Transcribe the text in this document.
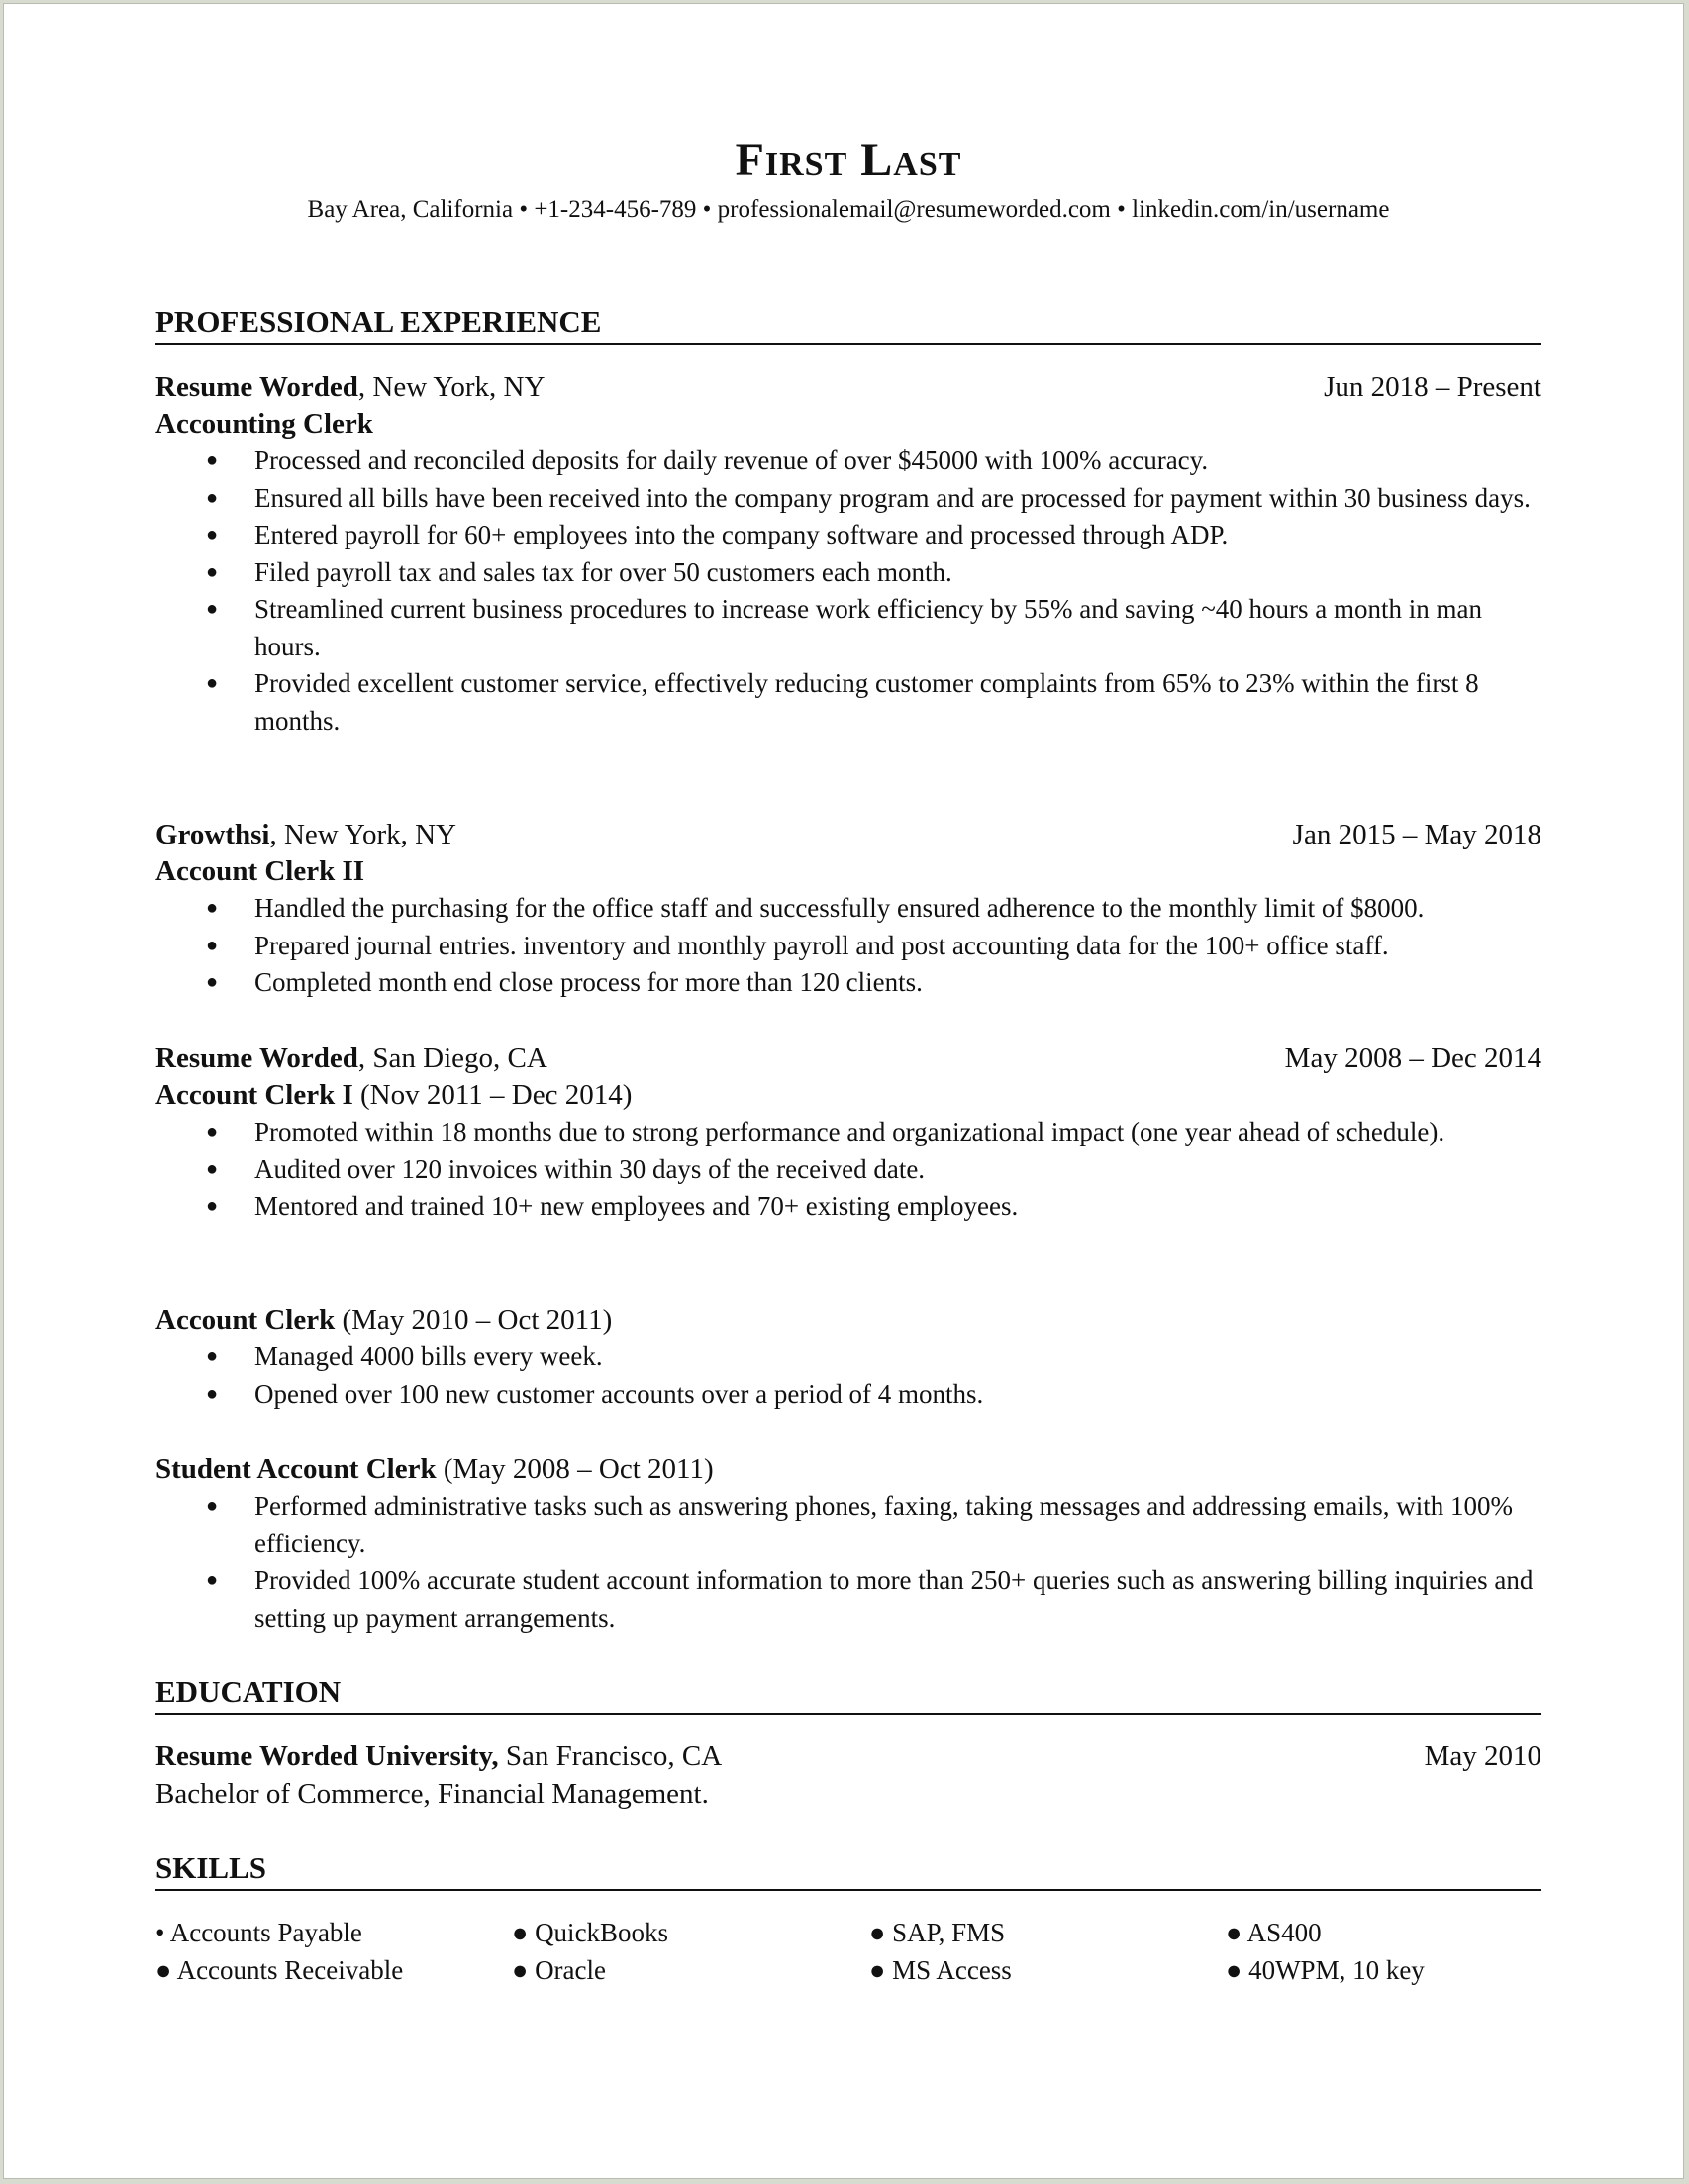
First Last
Bay Area, California • +1-234-456-789 • professionalemail@resumeworded.com • linkedin.com/in/username
PROFESSIONAL EXPERIENCE
Resume Worded, New York, NY	Jun 2018 – Present
Accounting Clerk
● Processed and reconciled deposits for daily revenue of over $45000 with 100% accuracy.
● Ensured all bills have been received into the company program and are processed for payment within 30 business days.
● Entered payroll for 60+ employees into the company software and processed through ADP.
● Filed payroll tax and sales tax for over 50 customers each month.
● Streamlined current business procedures to increase work efficiency by 55% and saving ~40 hours a month in man hours.
● Provided excellent customer service, effectively reducing customer complaints from 65% to 23% within the first 8 months.
Growthsi, New York, NY	Jan 2015 – May 2018
Account Clerk II
● Handled the purchasing for the office staff and successfully ensured adherence to the monthly limit of $8000.
● Prepared journal entries. inventory and monthly payroll and post accounting data for the 100+ office staff.
● Completed month end close process for more than 120 clients.
Resume Worded, San Diego, CA	May 2008 – Dec 2014
Account Clerk I (Nov 2011 – Dec 2014)
● Promoted within 18 months due to strong performance and organizational impact (one year ahead of schedule).
● Audited over 120 invoices within 30 days of the received date.
● Mentored and trained 10+ new employees and 70+ existing employees.
Account Clerk (May 2010 – Oct 2011)
● Managed 4000 bills every week.
● Opened over 100 new customer accounts over a period of 4 months.
Student Account Clerk (May 2008 – Oct 2011)
● Performed administrative tasks such as answering phones, faxing, taking messages and addressing emails, with 100% efficiency.
● Provided 100% accurate student account information to more than 250+ queries such as answering billing inquiries and setting up payment arrangements.
EDUCATION
Resume Worded University, San Francisco, CA	May 2010
Bachelor of Commerce, Financial Management.
SKILLS
• Accounts Payable
● Accounts Receivable
● QuickBooks
● Oracle
● SAP, FMS
● MS Access
● AS400
● 40WPM, 10 key
